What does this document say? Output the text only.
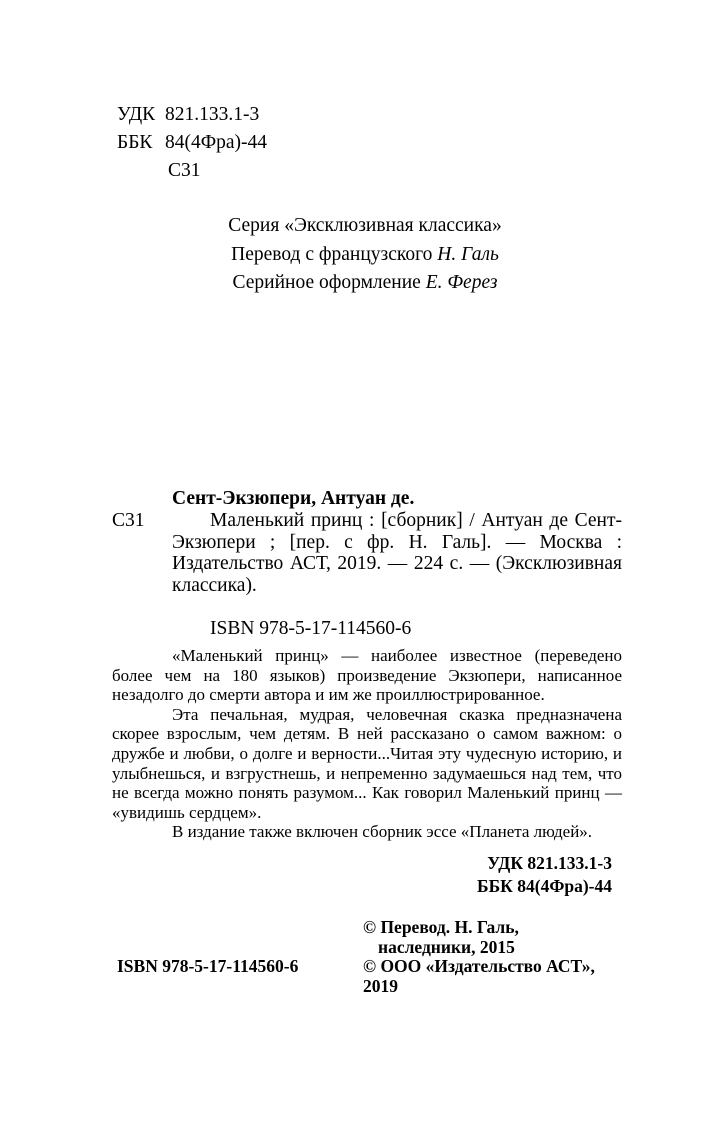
УДК 821.133.1-3
ББК 84(4Фра)-44
С31
Серия «Эксклюзивная классика»
Перевод с французского Н. Галь
Серийное оформление Е. Ферез
С31

Сент-Экзюпери, Антуан де.

Маленький принц : [сборник] / Антуан де Сент-Экзюпери ; [пер. с фр. Н. Галь]. — Москва : Издательство АСТ, 2019. — 224 с. — (Эксклюзивная классика).

ISBN 978-5-17-114560-6

«Маленький принц» — наиболее известное (переведено более чем на 180 языков) произведение Экзюпери, написанное незадолго до смерти автора и им же проиллюстрированное.

Эта печальная, мудрая, человечная сказка предназначена скорее взрослым, чем детям. В ней рассказано о самом важном: о дружбе и любви, о долге и верности...Читая эту чудесную историю, и улыбнешься, и взгрустнешь, и непременно задумаешься над тем, что не всегда можно понять разумом... Как говорил Маленький принц — «увидишь сердцем».

В издание также включен сборник эссе «Планета людей».

УДК 821.133.1-3
ББК 84(4Фра)-44
© Перевод. Н. Галь,
наследники, 2015
ISBN 978-5-17-114560-6	© ООО «Издательство АСТ», 2019
